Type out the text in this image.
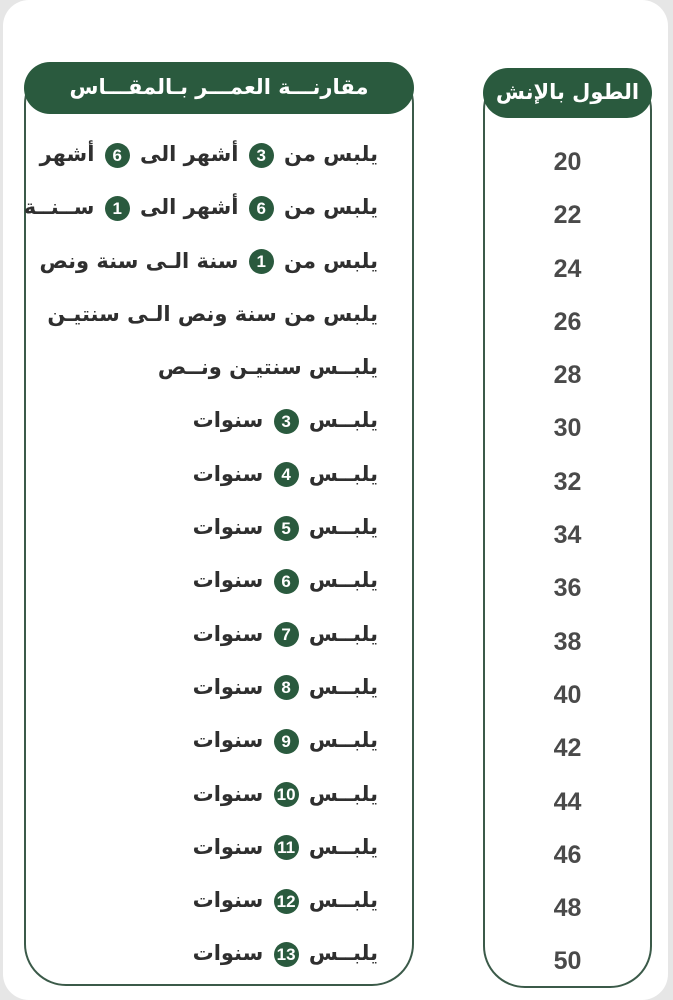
الطول بالإنش
20
22
24
26
28
30
32
34
36
38
40
42
44
46
48
50
مقارنـــة العمـــر بـالمقـــاس
يلبس من 3 أشهر الى 6 أشهر
يلبس من 6 أشهر الى 1 ســنــة
يلبس من 1 سنة الـى سنة ونص
يلبس من سنة ونص الـى سنتيـن
يلبــس سنتيـن ونــص
يلبــس 3 سنوات
يلبــس 4 سنوات
يلبــس 5 سنوات
يلبــس 6 سنوات
يلبــس 7 سنوات
يلبــس 8 سنوات
يلبــس 9 سنوات
يلبــس 10 سنوات
يلبــس 11 سنوات
يلبــس 12 سنوات
يلبــس 13 سنوات
